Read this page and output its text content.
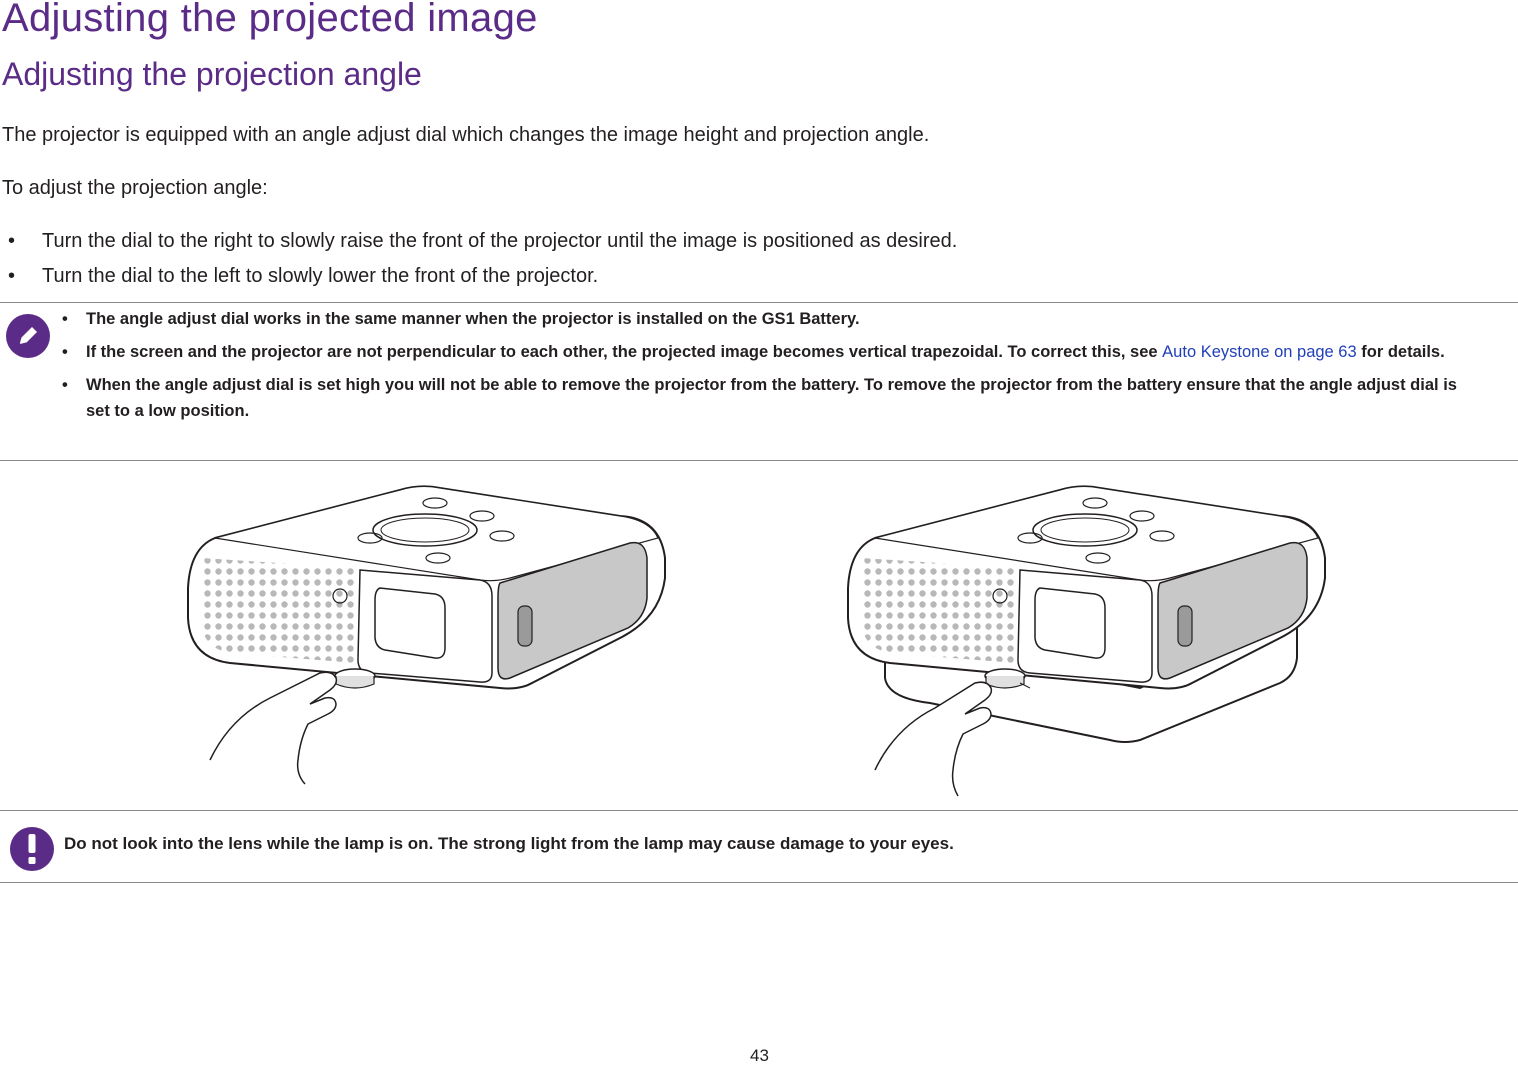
Adjusting the projected image
Adjusting the projection angle

The projector is equipped with an angle adjust dial which changes the image height and projection angle.

To adjust the projection angle:

• Turn the dial to the right to slowly raise the front of the projector until the image is positioned as desired.
• Turn the dial to the left to slowly lower the front of the projector.
• The angle adjust dial works in the same manner when the projector is installed on the GS1 Battery.
• If the screen and the projector are not perpendicular to each other, the projected image becomes vertical trapezoidal. To correct this, see Auto Keystone on page 63 for details.
• When the angle adjust dial is set high you will not be able to remove the projector from the battery. To remove the projector from the battery ensure that the angle adjust dial is set to a low position.
Do not look into the lens while the lamp is on. The strong light from the lamp may cause damage to your eyes.
43
